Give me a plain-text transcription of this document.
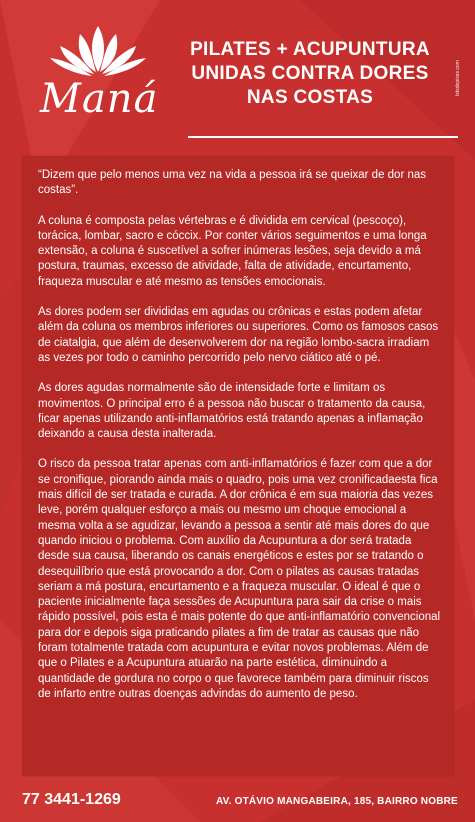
Maná
PILATES + ACUPUNTURA
UNIDAS CONTRA DORES
NAS COSTAS
bitsdepixes.com

“Dizem que pelo menos uma vez na vida a pessoa irá se queixar de dor nas costas”.

A coluna é composta pelas vértebras e é dividida em cervical (pescoço), torácica, lombar, sacro e cóccix. Por conter vários seguimentos e uma longa extensão, a coluna é suscetível a sofrer inúmeras lesões, seja devido a má postura, traumas, excesso de atividade, falta de atividade, encurtamento, fraqueza muscular e até mesmo as tensões emocionais.

As dores podem ser divididas em agudas ou crônicas e estas podem afetar além da coluna os membros inferiores ou superiores. Como os famosos casos de ciatalgia, que além de desenvolverem dor na região lombo-sacra irradiam as vezes por todo o caminho percorrido pelo nervo ciático até o pé.

As dores agudas normalmente são de intensidade forte e limitam os movimentos. O principal erro é a pessoa não buscar o tratamento da causa, ficar apenas utilizando anti-inflamatórios está tratando apenas a inflamação deixando a causa desta inalterada.

O risco da pessoa tratar apenas com anti-inflamatórios é fazer com que a dor se cronifique, piorando ainda mais o quadro, pois uma vez cronificadaesta fica mais difícil de ser tratada e curada. A dor crônica é em sua maioria das vezes leve, porém qualquer esforço a mais ou mesmo um choque emocional a mesma volta a se agudizar, levando a pessoa a sentir até mais dores do que quando iniciou o problema. Com auxílio da Acupuntura a dor será tratada desde sua causa, liberando os canais energéticos e estes por se tratando o desequilíbrio que está provocando a dor. Com o pilates as causas tratadas seriam a má postura, encurtamento e a fraqueza muscular. O ideal é que o paciente inicialmente faça sessões de Acupuntura para sair da crise o mais rápido possível, pois esta é mais potente do que anti-inflamatório convencional para dor e depois siga praticando pilates a fim de tratar as causas que não foram totalmente tratada com acupuntura e evitar novos problemas. Além de que o Pilates e a Acupuntura atuarão na parte estética, diminuindo a quantidade de gordura no corpo o que favorece também para diminuir riscos de infarto entre outras doenças advindas do aumento de peso.

77 3441-1269	AV. OTÁVIO MANGABEIRA, 185, BAIRRO NOBRE
